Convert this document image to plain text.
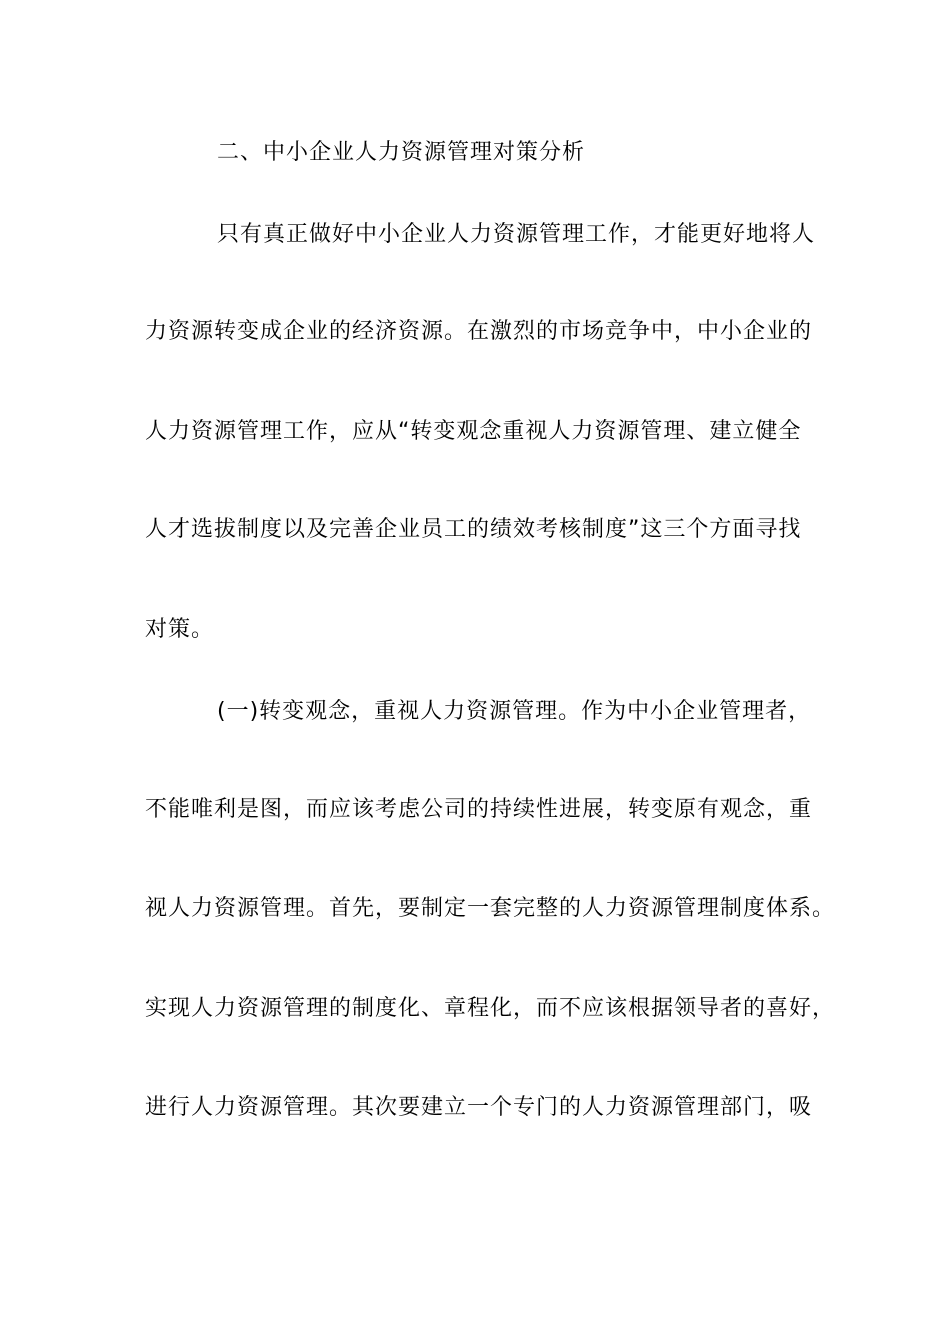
二、中小企业人力资源管理对策分析
只有真正做好中小企业人力资源管理工作，才能更好地将人
力资源转变成企业的经济资源。在激烈的市场竞争中，中小企业的
人力资源管理工作，应从“转变观念重视人力资源管理、建立健全
人才选拔制度以及完善企业员工的绩效考核制度”这三个方面寻找
对策。
(一)转变观念，重视人力资源管理。作为中小企业管理者，
不能唯利是图，而应该考虑公司的持续性进展，转变原有观念，重
视人力资源管理。首先，要制定一套完整的人力资源管理制度体系。
实现人力资源管理的制度化、章程化，而不应该根据领导者的喜好，
进行人力资源管理。其次要建立一个专门的人力资源管理部门，吸
